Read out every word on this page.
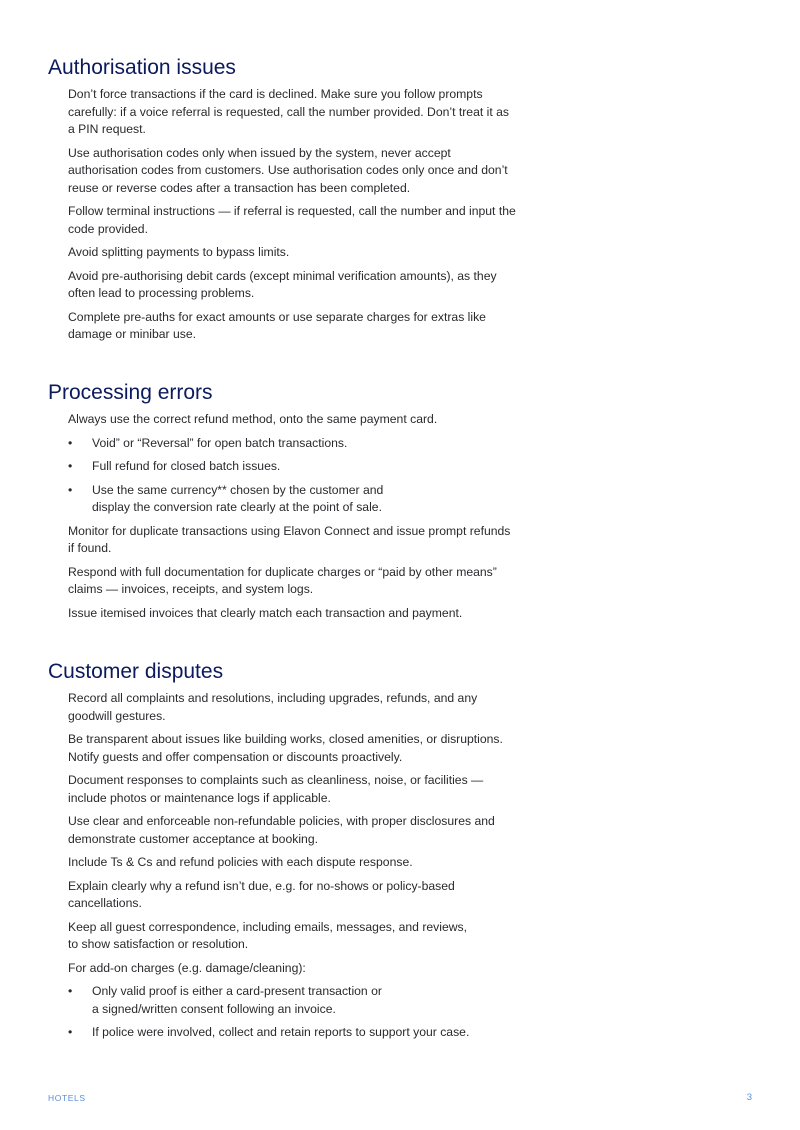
Authorisation issues

Don’t force transactions if the card is declined. Make sure you follow prompts carefully: if a voice referral is requested, call the number provided. Don’t treat it as a PIN request.

Use authorisation codes only when issued by the system, never accept authorisation codes from customers. Use authorisation codes only once and don’t reuse or reverse codes after a transaction has been completed.

Follow terminal instructions — if referral is requested, call the number and input the code provided.

Avoid splitting payments to bypass limits.

Avoid pre-authorising debit cards (except minimal verification amounts), as they often lead to processing problems.

Complete pre-auths for exact amounts or use separate charges for extras like damage or minibar use.

Processing errors

Always use the correct refund method, onto the same payment card.

• Void” or “Reversal” for open batch transactions.
• Full refund for closed batch issues.
• Use the same currency** chosen by the customer and
display the conversion rate clearly at the point of sale.

Monitor for duplicate transactions using Elavon Connect and issue prompt refunds if found.

Respond with full documentation for duplicate charges or “paid by other means” claims — invoices, receipts, and system logs.

Issue itemised invoices that clearly match each transaction and payment.

Customer disputes

Record all complaints and resolutions, including upgrades, refunds, and any goodwill gestures.

Be transparent about issues like building works, closed amenities, or disruptions. Notify guests and offer compensation or discounts proactively.

Document responses to complaints such as cleanliness, noise, or facilities — include photos or maintenance logs if applicable.

Use clear and enforceable non-refundable policies, with proper disclosures and demonstrate customer acceptance at booking.

Include Ts & Cs and refund policies with each dispute response.

Explain clearly why a refund isn’t due, e.g. for no-shows or policy-based cancellations.

Keep all guest correspondence, including emails, messages, and reviews,
to show satisfaction or resolution.

For add-on charges (e.g. damage/cleaning):

• Only valid proof is either a card-present transaction or
a signed/written consent following an invoice.
• If police were involved, collect and retain reports to support your case.
HOTELS	3
